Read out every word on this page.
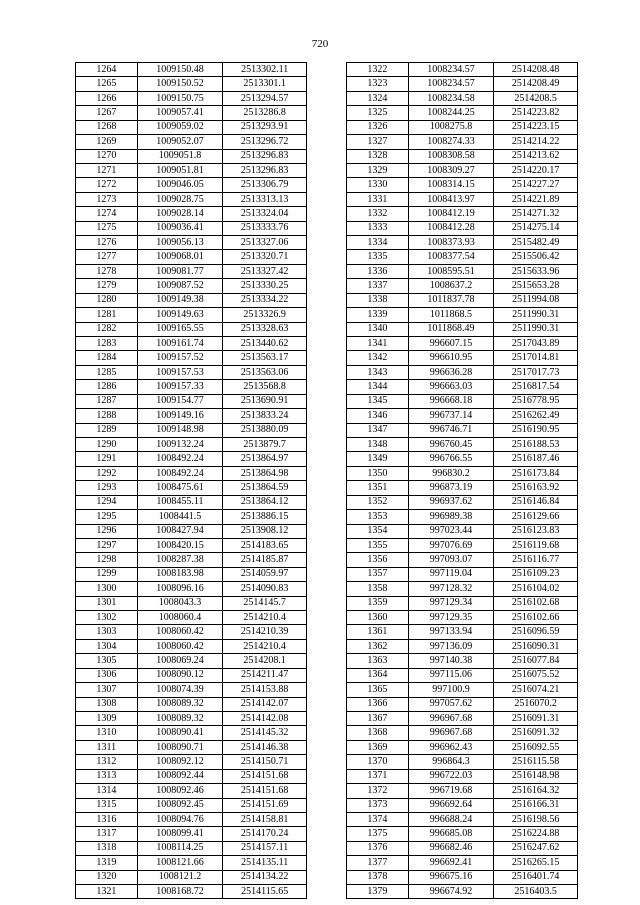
720
1264	1009150.48	2513302.11
1265	1009150.52	2513301.1
1266	1009150.75	2513294.57
1267	1009057.41	2513286.8
1268	1009059.02	2513293.91
1269	1009052.07	2513296.72
1270	1009051.8	2513296.83
1271	1009051.81	2513296.83
1272	1009046.05	2513306.79
1273	1009028.75	2513313.13
1274	1009028.14	2513324.04
1275	1009036.41	2513333.76
1276	1009056.13	2513327.06
1277	1009068.01	2513320.71
1278	1009081.77	2513327.42
1279	1009087.52	2513330.25
1280	1009149.38	2513334.22
1281	1009149.63	2513326.9
1282	1009165.55	2513328.63
1283	1009161.74	2513440.62
1284	1009157.52	2513563.17
1285	1009157.53	2513563.06
1286	1009157.33	2513568.8
1287	1009154.77	2513690.91
1288	1009149.16	2513833.24
1289	1009148.98	2513880.09
1290	1009132.24	2513879.7
1291	1008492.24	2513864.97
1292	1008492.24	2513864.98
1293	1008475.61	2513864.59
1294	1008455.11	2513864.12
1295	1008441.5	2513886.15
1296	1008427.94	2513908.12
1297	1008420.15	2514183.65
1298	1008287.38	2514185.87
1299	1008183.98	2514059.97
1300	1008096.16	2514090.83
1301	1008043.3	2514145.7
1302	1008060.4	2514210.4
1303	1008060.42	2514210.39
1304	1008060.42	2514210.4
1305	1008069.24	2514208.1
1306	1008090.12	2514211.47
1307	1008074.39	2514153.88
1308	1008089.32	2514142.07
1309	1008089.32	2514142.08
1310	1008090.41	2514145.32
1311	1008090.71	2514146.38
1312	1008092.12	2514150.71
1313	1008092.44	2514151.68
1314	1008092.46	2514151.68
1315	1008092.45	2514151.69
1316	1008094.76	2514158.81
1317	1008099.41	2514170.24
1318	1008114.25	2514157.11
1319	1008121.66	2514135.11
1320	1008121.2	2514134.22
1321	1008168.72	2514115.65
1322	1008234.57	2514208.48
1323	1008234.57	2514208.49
1324	1008234.58	2514208.5
1325	1008244.25	2514223.82
1326	1008275.8	2514223.15
1327	1008274.33	2514214.22
1328	1008308.58	2514213.62
1329	1008309.27	2514220.17
1330	1008314.15	2514227.27
1331	1008413.97	2514221.89
1332	1008412.19	2514271.32
1333	1008412.28	2514275.14
1334	1008373.93	2515482.49
1335	1008377.54	2515506.42
1336	1008595.51	2515633.96
1337	1008637.2	2515653.28
1338	1011837.78	2511994.08
1339	1011868.5	2511990.31
1340	1011868.49	2511990.31
1341	996607.15	2517043.89
1342	996610.95	2517014.81
1343	996636.28	2517017.73
1344	996663.03	2516817.54
1345	996668.18	2516778.95
1346	996737.14	2516262.49
1347	996746.71	2516190.95
1348	996760.45	2516188.53
1349	996766.55	2516187.46
1350	996830.2	2516173.84
1351	996873.19	2516163.92
1352	996937.62	2516146.84
1353	996989.38	2516129.66
1354	997023.44	2516123.83
1355	997076.69	2516119.68
1356	997093.07	2516116.77
1357	997119.04	2516109.23
1358	997128.32	2516104.02
1359	997129.34	2516102.68
1360	997129.35	2516102.66
1361	997133.94	2516096.59
1362	997136.09	2516090.31
1363	997140.38	2516077.84
1364	997115.06	2516075.52
1365	997100.9	2516074.21
1366	997057.62	2516070.2
1367	996967.68	2516091.31
1368	996967.68	2516091.32
1369	996962.43	2516092.55
1370	996864.3	2516115.58
1371	996722.03	2516148.98
1372	996719.68	2516164.32
1373	996692.64	2516166.31
1374	996688.24	2516198.56
1375	996685.08	2516224.88
1376	996682.46	2516247.62
1377	996692.41	2516265.15
1378	996675.16	2516401.74
1379	996674.92	2516403.5
